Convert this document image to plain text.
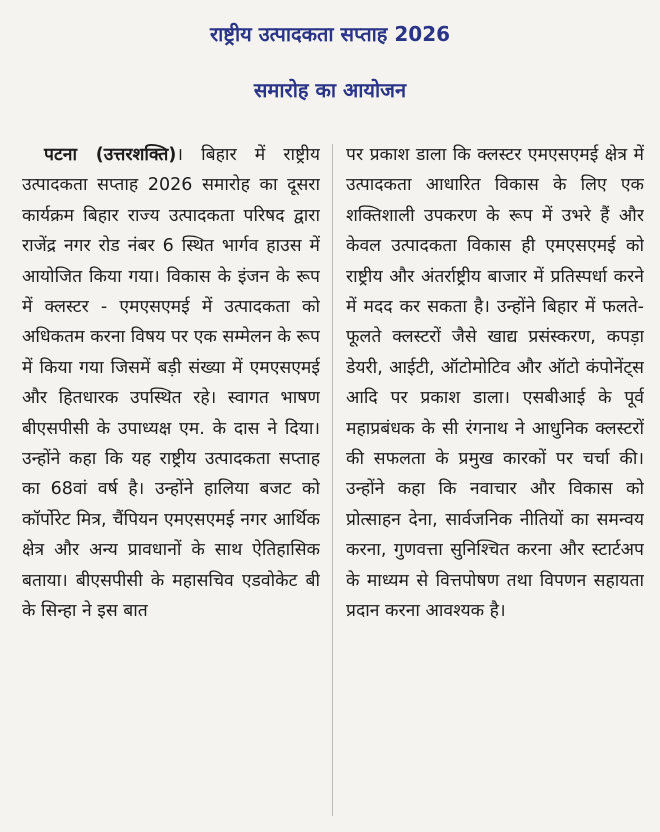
राष्ट्रीय उत्पादकता सप्ताह 2026
समारोह का आयोजन
पटना (उत्तरशक्ति)। बिहार में राष्ट्रीय उत्पादकता सप्ताह 2026 समारोह का दूसरा कार्यक्रम बिहार राज्य उत्पादकता परिषद द्वारा राजेंद्र नगर रोड नंबर 6 स्थित भार्गव हाउस में आयोजित किया गया। विकास के इंजन के रूप में क्लस्टर - एमएसएमई में उत्पादकता को अधिकतम करना विषय पर एक सम्मेलन के रूप में किया गया जिसमें बड़ी संख्या में एमएसएमई और हितधारक उपस्थित रहे। स्वागत भाषण बीएसपीसी के उपाध्यक्ष एम. के दास ने दिया। उन्होंने कहा कि यह राष्ट्रीय उत्पादकता सप्ताह का 68वां वर्ष है। उन्होंने हालिया बजट को कॉर्पोरेट मित्र, चैंपियन एमएसएमई नगर आर्थिक क्षेत्र और अन्य प्रावधानों के साथ ऐतिहासिक बताया। बीएसपीसी के महासचिव एडवोकेट बी के सिन्हा ने इस बात
पर प्रकाश डाला कि क्लस्टर एमएसएमई क्षेत्र में उत्पादकता आधारित विकास के लिए एक शक्तिशाली उपकरण के रूप में उभरे हैं और केवल उत्पादकता विकास ही एमएसएमई को राष्ट्रीय और अंतर्राष्ट्रीय बाजार में प्रतिस्पर्धा करने में मदद कर सकता है। उन्होंने बिहार में फलते-फूलते क्लस्टरों जैसे खाद्य प्रसंस्करण, कपड़ा डेयरी, आईटी, ऑटोमोटिव और ऑटो कंपोनेंट्स आदि पर प्रकाश डाला। एसबीआई के पूर्व महाप्रबंधक के सी रंगनाथ ने आधुनिक क्लस्टरों की सफलता के प्रमुख कारकों पर चर्चा की। उन्होंने कहा कि नवाचार और विकास को प्रोत्साहन देना, सार्वजनिक नीतियों का समन्वय करना, गुणवत्ता सुनिश्चित करना और स्टार्टअप के माध्यम से वित्तपोषण तथा विपणन सहायता प्रदान करना आवश्यक है।
